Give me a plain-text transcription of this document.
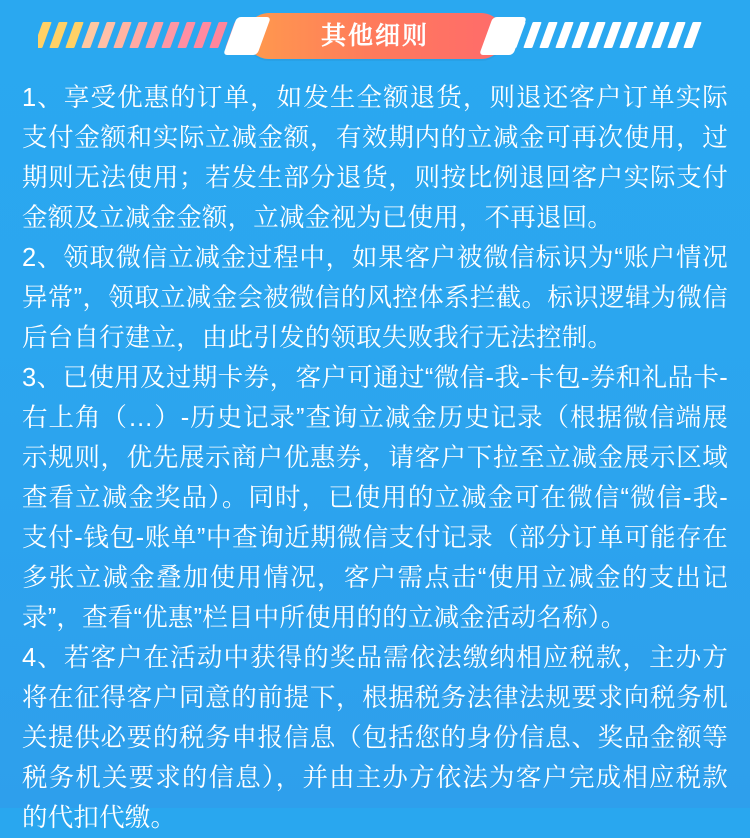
其他细则

1、享受优惠的订单，如发生全额退货，则退还客户订单实际支付金额和实际立减金额，有效期内的立减金可再次使用，过期则无法使用；若发生部分退货，则按比例退回客户实际支付金额及立减金金额，立减金视为已使用，不再退回。

2、领取微信立减金过程中，如果客户被微信标识为“账户情况异常”，领取立减金会被微信的风控体系拦截。标识逻辑为微信后台自行建立，由此引发的领取失败我行无法控制。

3、已使用及过期卡券，客户可通过“微信-我-卡包-券和礼品卡-右上角（…）-历史记录”查询立减金历史记录（根据微信端展示规则，优先展示商户优惠券，请客户下拉至立减金展示区域查看立减金奖品）。同时，已使用的立减金可在微信“微信-我-支付-钱包-账单”中查询近期微信支付记录（部分订单可能存在多张立减金叠加使用情况，客户需点击“使用立减金的支出记录”，查看“优惠”栏目中所使用的的立减金活动名称）。

4、若客户在活动中获得的奖品需依法缴纳相应税款，主办方将在征得客户同意的前提下，根据税务法律法规要求向税务机关提供必要的税务申报信息（包括您的身份信息、奖品金额等税务机关要求的信息），并由主办方依法为客户完成相应税款的代扣代缴。
